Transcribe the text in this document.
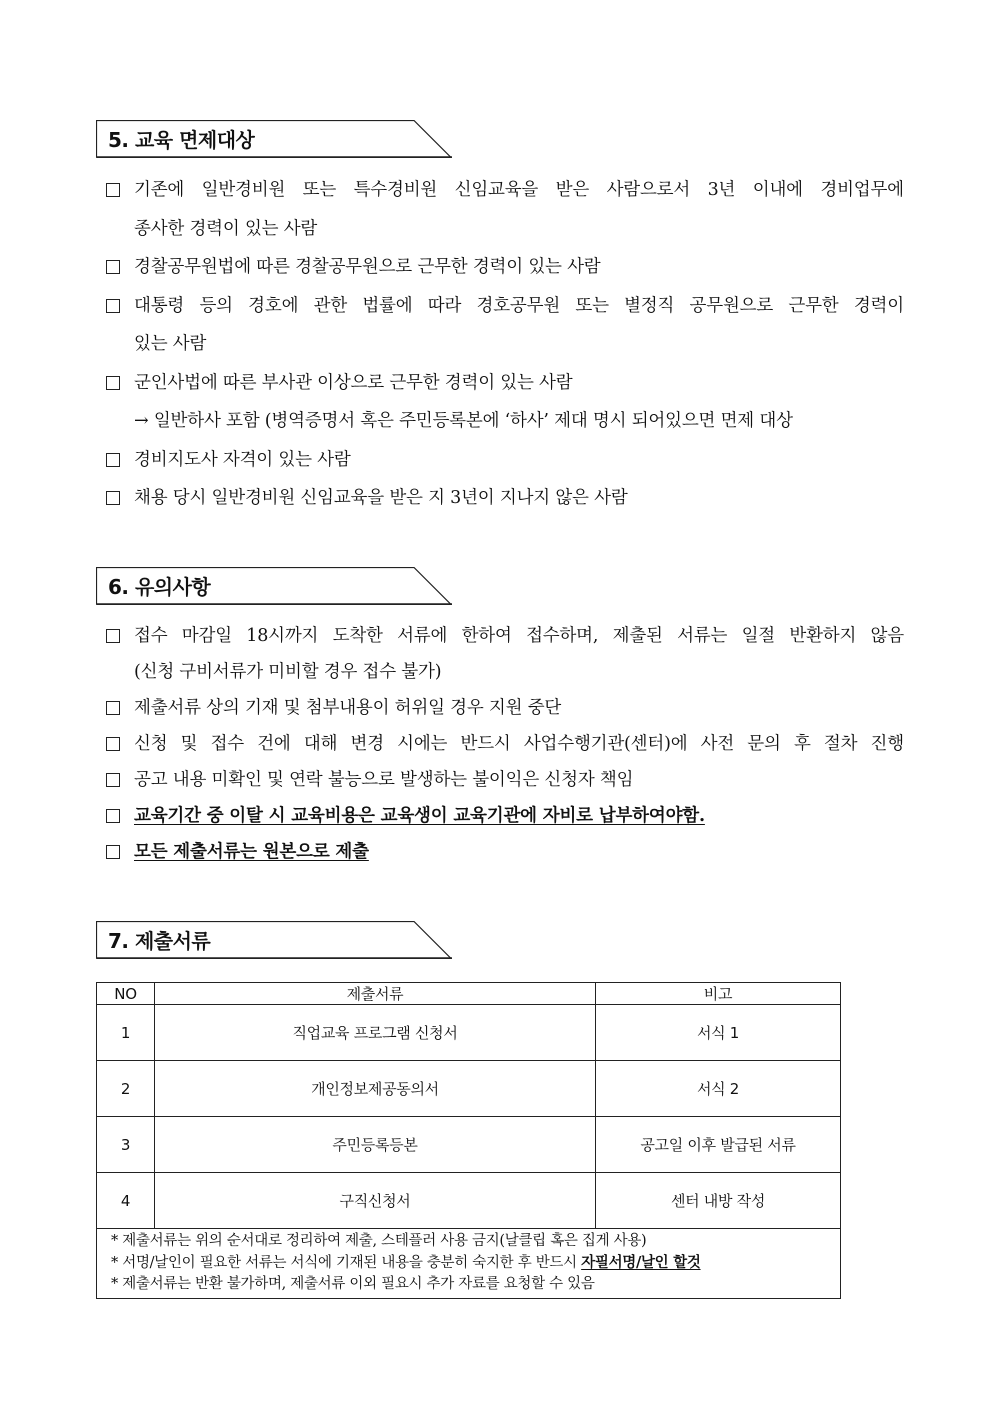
5. 교육 면제대상
기존에 일반경비원 또는 특수경비원 신임교육을 받은 사람으로서 3년 이내에 경비업무에
종사한 경력이 있는 사람
경찰공무원법에 따른 경찰공무원으로 근무한 경력이 있는 사람
대통령 등의 경호에 관한 법률에 따라 경호공무원 또는 별정직 공무원으로 근무한 경력이
있는 사람
군인사법에 따른 부사관 이상으로 근무한 경력이 있는 사람
→ 일반하사 포함 (병역증명서 혹은 주민등록본에 ‘하사’ 제대 명시 되어있으면 면제 대상
경비지도사 자격이 있는 사람
채용 당시 일반경비원 신임교육을 받은 지 3년이 지나지 않은 사람
6. 유의사항
접수 마감일 18시까지 도착한 서류에 한하여 접수하며, 제출된 서류는 일절 반환하지 않음
(신청 구비서류가 미비할 경우 접수 불가)
제출서류 상의 기재 및 첨부내용이 허위일 경우 지원 중단
신청 및 접수 건에 대해 변경 시에는 반드시 사업수행기관(센터)에 사전 문의 후 절차 진행
공고 내용 미확인 및 연락 불능으로 발생하는 불이익은 신청자 책임
교육기간 중 이탈 시 교육비용은 교육생이 교육기관에 자비로 납부하여야함.
모든 제출서류는 원본으로 제출
7. 제출서류
NO	제출서류	비고
1	직업교육 프로그램 신청서	서식 1
2	개인정보제공동의서	서식 2
3	주민등록등본	공고일 이후 발급된 서류
4	구직신청서	센터 내방 작성

* 제출서류는 위의 순서대로 정리하여 제출, 스테플러 사용 금지(날클립 혹은 집게 사용)
* 서명/날인이 필요한 서류는 서식에 기재된 내용을 충분히 숙지한 후 반드시 자필서명/날인 할것
* 제출서류는 반환 불가하며, 제출서류 이외 필요시 추가 자료를 요청할 수 있음		
